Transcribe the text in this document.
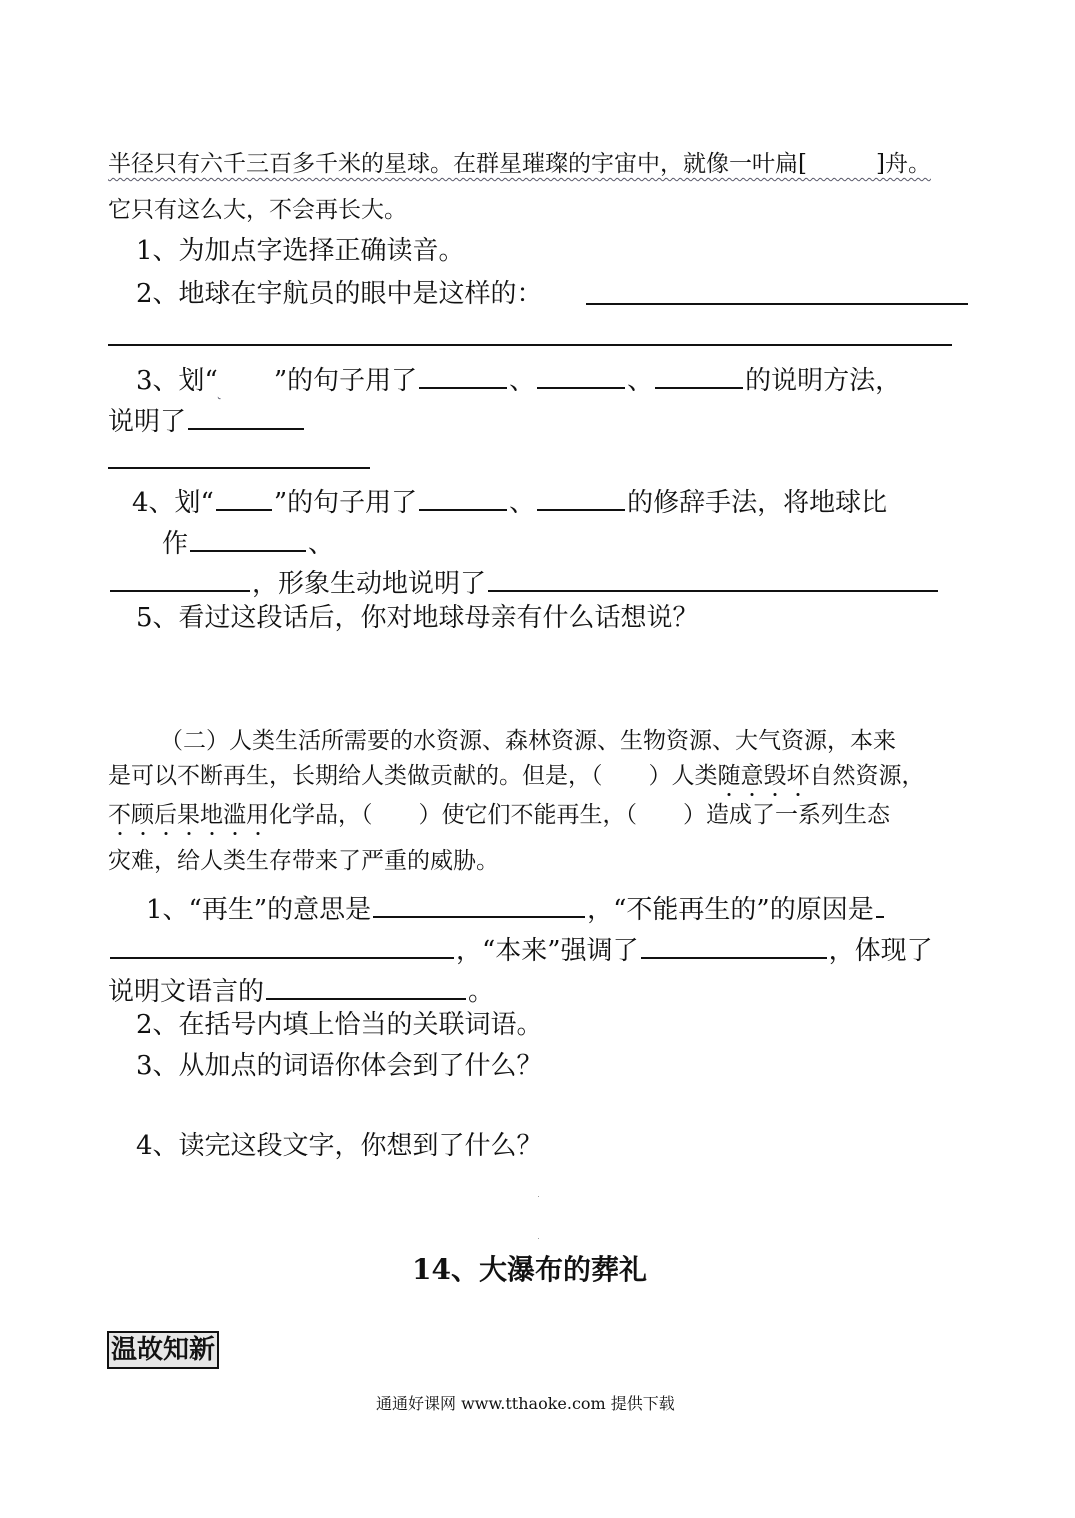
半径只有六千三百多千米的星球。在群星璀璨的宇宙中，就像一叶扁[　　　]舟。
它只有这么大，不会再长大。
1、为加点字选择正确读音。
2、地球在宇航员的眼中是这样的：
3、划“  ”的句子用了	、	、	的说明方法，
说明了
4、划“ ”的句子用了	、	的修辞手法，将地球比
作	、
，形象生动地说明了
5、看过这段话后，你对地球母亲有什么话想说？
（二）人类生活所需要的水资源、森林资源、生物资源、大气资源，本来
是可以不断再生，长期给人类做贡献的。但是，（　　）人类随意毁坏自然资源，
不顾后果地滥用化学品，（　　）使它们不能再生，（　　）造成了一系列生态
灾难，给人类生存带来了严重的威胁。
1、“再生”的意思是	，“不能再生的”的原因是
，“本来”强调了	，体现了
说明文语言的	。
2、在括号内填上恰当的关联词语。
3、从加点的词语你体会到了什么？
4、读完这段文字，你想到了什么？
14、大瀑布的葬礼
温故知新
通通好课网 www.tthaoke.com 提供下载
